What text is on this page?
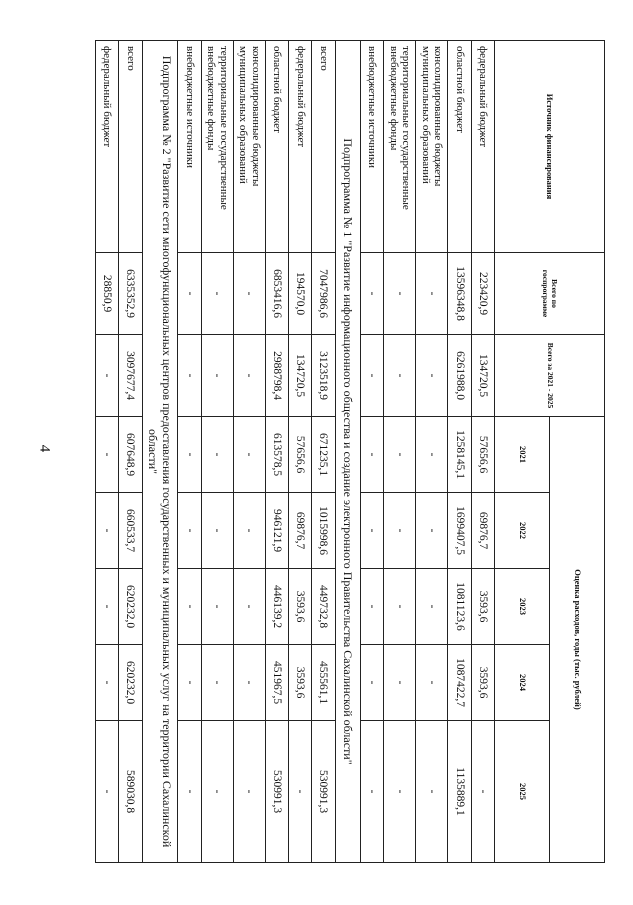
4
Источник финансирования	Всего по госпрограмме	Всего за 2021 - 2025	Оценка расходов, годы (тыс. рублей)				
			2021	2022	2023	2024	2025
федеральный бюджет	223420,9	134720,5	57656,6	69876,7	3593,6	3593,6	-
областной бюджет	13596348,8	6261988,0	1258145,1	1699407,5	1081123,6	1087422,7	1135889,1
консолидированные бюджеты муниципальных образований	-	-	-	-	-	-	-
территориальные государственные внебюджетные фонды	-	-	-	-	-	-	-
внебюджетные источники	-	-	-	-	-	-	-
Подпрограмма № 1 "Развитие информационного общества и создание электронного Правительства Сахалинской области"							
всего	7047986,6	3123518,9	671235,1	1015998,6	449732,8	455561,1	530991,3
федеральный бюджет	194570,0	134720,5	57656,6	69876,7	3593,6	3593,6	-
областной бюджет	6853416,6	2988798,4	613578,5	946121,9	446139,2	451967,5	530991,3
консолидированные бюджеты муниципальных образований	-	-	-	-	-	-	-
территориальные государственные внебюджетные фонды	-	-	-	-	-	-	-
внебюджетные источники	-	-	-	-	-	-	-
Подпрограмма № 2 "Развитие сети многофункциональных центров предоставления государственных и муниципальных услуг на территории Сахалинской области"							
всего	6335352,9	3097677,4	607648,9	660533,7	620232,0	620232,0	589030,8
федеральный бюджет	28850,9	-	-	-	-	-	-
